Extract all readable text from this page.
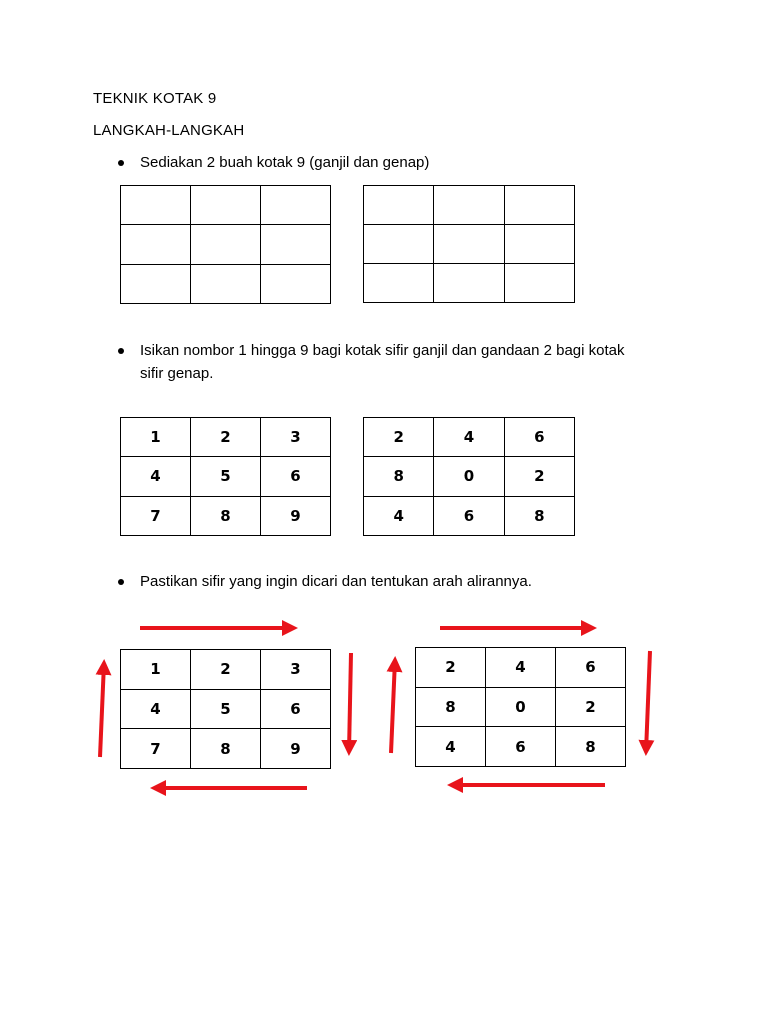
TEKNIK KOTAK 9
LANGKAH-LANGKAH
Sediakan 2 buah kotak 9 (ganjil dan genap)

Isikan nombor 1 hingga 9 bagi kotak sifir ganjil dan gandaan 2 bagi kotak
sifir genap.
1	2	3
4	5	6
7	8	9
2	4	6
8	0	2
4	6	8
Pastikan sifir yang ingin dicari dan tentukan arah alirannya.
1	2	3
4	5	6
7	8	9
2	4	6
8	0	2
4	6	8
